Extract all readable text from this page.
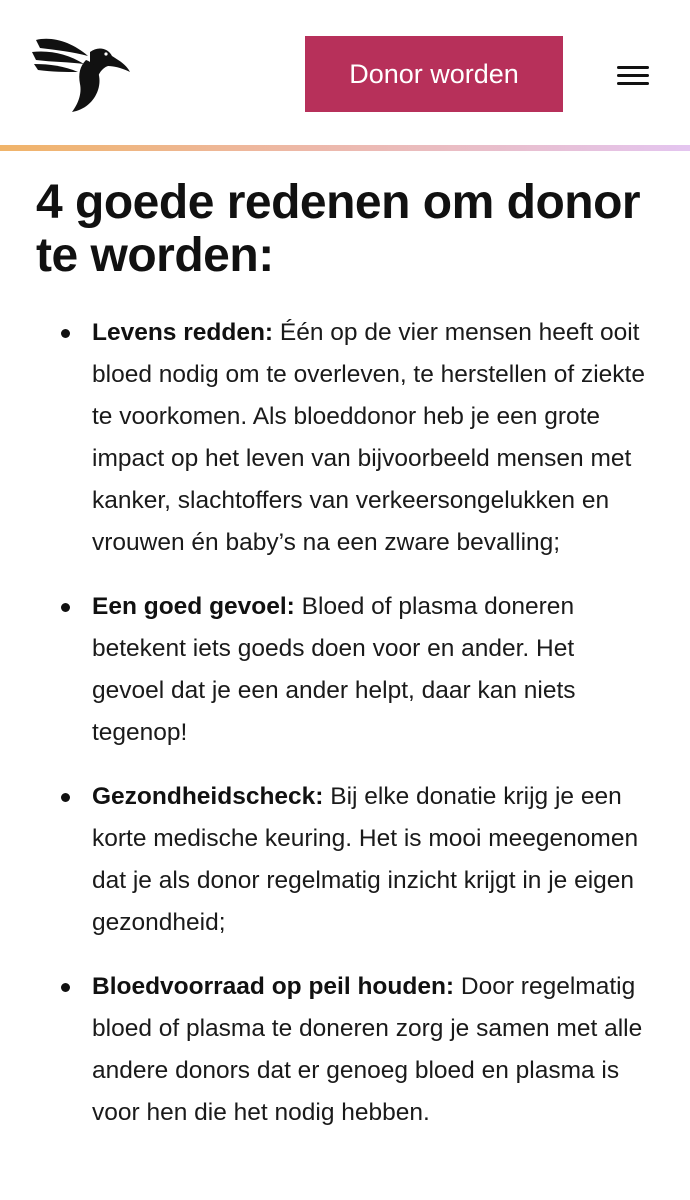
Donor worden
4 goede redenen om donor te worden:
Levens redden: Één op de vier mensen heeft ooit bloed nodig om te overleven, te herstellen of ziekte te voorkomen. Als bloeddonor heb je een grote impact op het leven van bijvoorbeeld mensen met kanker, slachtoffers van verkeersongelukken en vrouwen én baby’s na een zware bevalling;
Een goed gevoel: Bloed of plasma doneren betekent iets goeds doen voor en ander. Het gevoel dat je een ander helpt, daar kan niets tegenop!
Gezondheidscheck: Bij elke donatie krijg je een korte medische keuring. Het is mooi meegenomen dat je als donor regelmatig inzicht krijgt in je eigen gezondheid;
Bloedvoorraad op peil houden: Door regelmatig bloed of plasma te doneren zorg je samen met alle andere donors dat er genoeg bloed en plasma is voor hen die het nodig hebben.
